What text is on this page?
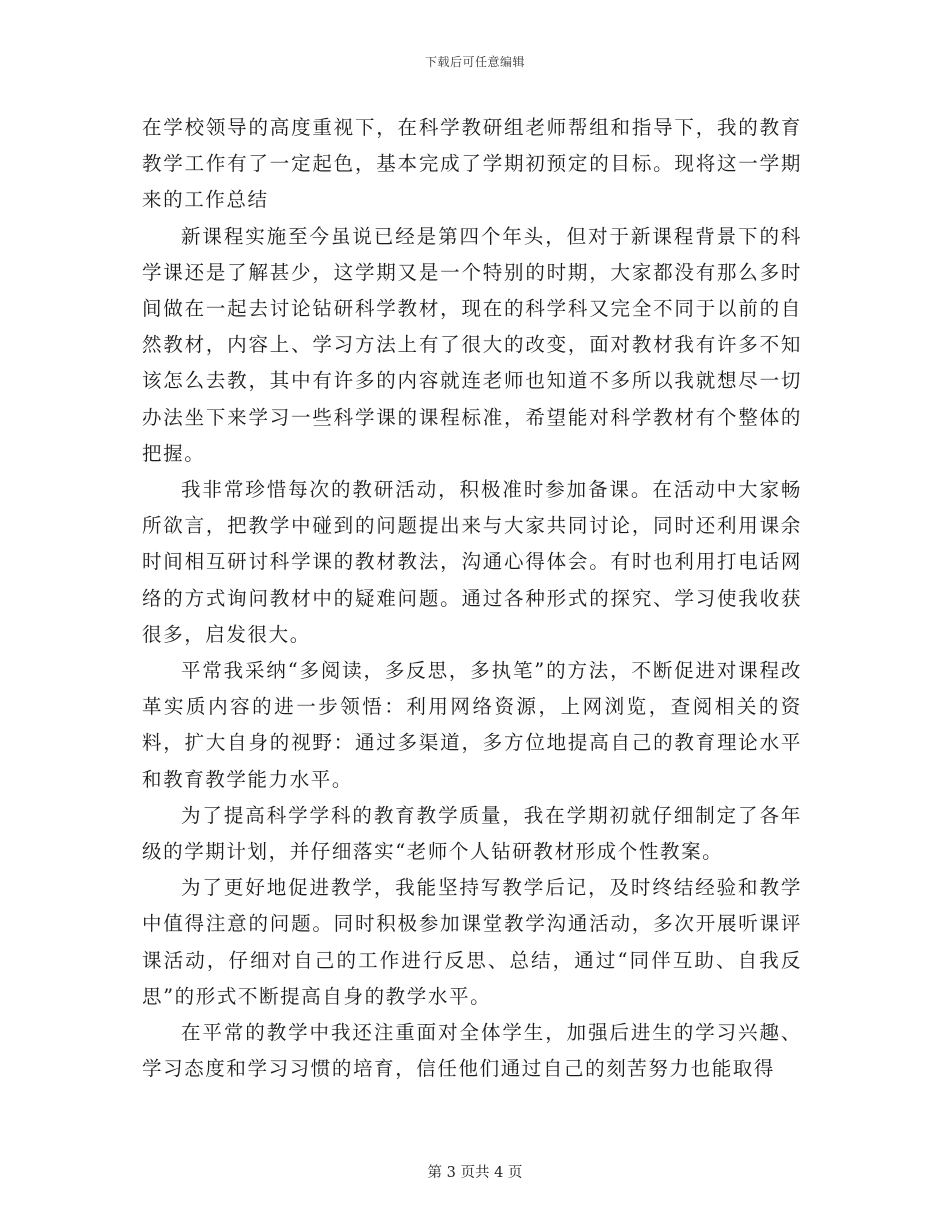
下载后可任意编辑

在学校领导的高度重视下，在科学教研组老师帮组和指导下，我的教育教学工作有了一定起色，基本完成了学期初预定的目标。现将这一学期来的工作总结

新课程实施至今虽说已经是第四个年头，但对于新课程背景下的科学课还是了解甚少，这学期又是一个特别的时期，大家都没有那么多时间做在一起去讨论钻研科学教材，现在的科学科又完全不同于以前的自然教材，内容上、学习方法上有了很大的改变，面对教材我有许多不知该怎么去教，其中有许多的内容就连老师也知道不多所以我就想尽一切办法坐下来学习一些科学课的课程标准，希望能对科学教材有个整体的把握。

我非常珍惜每次的教研活动，积极准时参加备课。在活动中大家畅所欲言，把教学中碰到的问题提出来与大家共同讨论，同时还利用课余时间相互研讨科学课的教材教法，沟通心得体会。有时也利用打电话网络的方式询问教材中的疑难问题。通过各种形式的探究、学习使我收获很多，启发很大。

平常我采纳“多阅读，多反思，多执笔”的方法，不断促进对课程改革实质内容的进一步领悟：利用网络资源，上网浏览，查阅相关的资料，扩大自身的视野：通过多渠道，多方位地提高自己的教育理论水平和教育教学能力水平。

为了提高科学学科的教育教学质量，我在学期初就仔细制定了各年级的学期计划，并仔细落实“老师个人钻研教材形成个性教案。

为了更好地促进教学，我能坚持写教学后记，及时终结经验和教学中值得注意的问题。同时积极参加课堂教学沟通活动，多次开展听课评课活动，仔细对自己的工作进行反思、总结，通过“同伴互助、自我反思”的形式不断提高自身的教学水平。

在平常的教学中我还注重面对全体学生，加强后进生的学习兴趣、学习态度和学习习惯的培育，信任他们通过自己的刻苦努力也能取得

第 3 页共 4 页
